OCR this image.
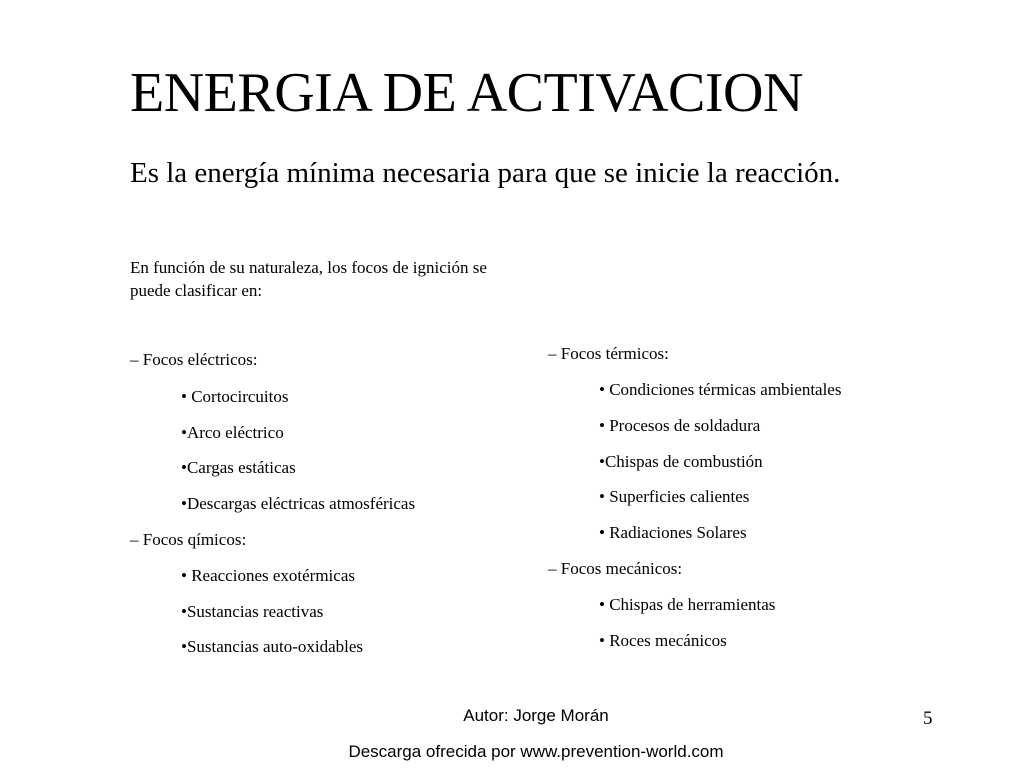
ENERGIA DE ACTIVACION
Es la energía mínima necesaria para que se inicie la reacción.
En función de su naturaleza, los focos de ignición se puede clasificar en:
– Focos eléctricos:
• Cortocircuitos
•Arco eléctrico
•Cargas estáticas
•Descargas eléctricas atmosféricas
– Focos qímicos:
• Reacciones exotérmicas
•Sustancias reactivas
•Sustancias auto-oxidables
– Focos térmicos:
• Condiciones térmicas ambientales
• Procesos de soldadura
•Chispas de combustión
• Superficies calientes
• Radiaciones Solares
– Focos mecánicos:
• Chispas de herramientas
• Roces mecánicos
Autor: Jorge Morán	5
Descarga ofrecida por www.prevention-world.com
